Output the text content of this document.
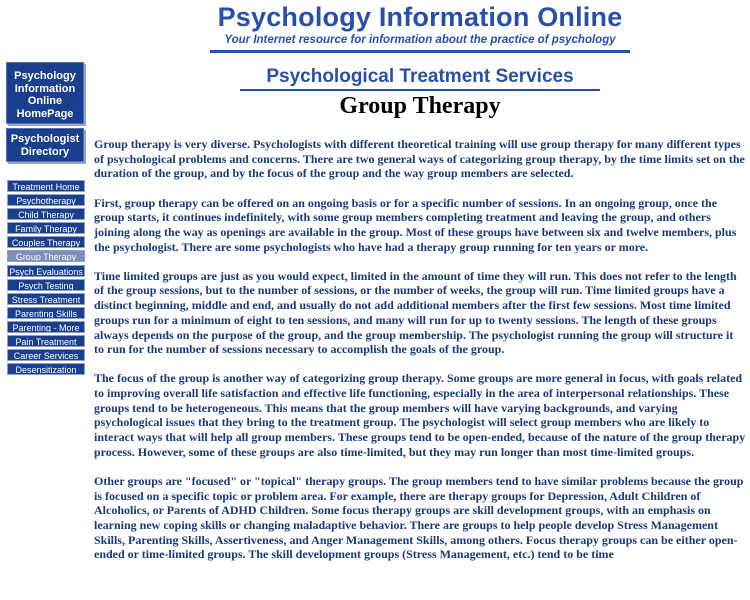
Psychology Information Online
Your Internet resource for information about the practice of psychology
Psychology
Information
Online
HomePage
Psychologist
Directory
Treatment Home
Psychotherapy
Child Therapy
Family Therapy
Couples Therapy
Group Therapy
Psych Evaluations
Psych Testing
Stress Treatment
Parenting Skills
Parenting - More
Pain Treatment
Career Services
Desensitization
Psychological Treatment Services
Group Therapy

Group therapy is very diverse. Psychologists with different theoretical training will use group therapy for many different types of psychological problems and concerns. There are two general ways of categorizing group therapy, by the time limits set on the duration of the group, and by the focus of the group and the way group members are selected.

First, group therapy can be offered on an ongoing basis or for a specific number of sessions. In an ongoing group, once the group starts, it continues indefinitely, with some group members completing treatment and leaving the group, and others joining along the way as openings are available in the group. Most of these groups have between six and twelve members, plus the psychologist. There are some psychologists who have had a therapy group running for ten years or more.

Time limited groups are just as you would expect, limited in the amount of time they will run. This does not refer to the length of the group sessions, but to the number of sessions, or the number of weeks, the group will run. Time limited groups have a distinct beginning, middle and end, and usually do not add additional members after the first few sessions. Most time limited groups run for a minimum of eight to ten sessions, and many will run for up to twenty sessions. The length of these groups always depends on the purpose of the group, and the group membership. The psychologist running the group will structure it to run for the number of sessions necessary to accomplish the goals of the group.

The focus of the group is another way of categorizing group therapy. Some groups are more general in focus, with goals related to improving overall life satisfaction and effective life functioning, especially in the area of interpersonal relationships. These groups tend to be heterogeneous. This means that the group members will have varying backgrounds, and varying psychological issues that they bring to the treatment group. The psychologist will select group members who are likely to interact ways that will help all group members. These groups tend to be open-ended, because of the nature of the group therapy process. However, some of these groups are also time-limited, but they may run longer than most time-limited groups.

Other groups are "focused" or "topical" therapy groups. The group members tend to have similar problems because the group is focused on a specific topic or problem area. For example, there are therapy groups for Depression, Adult Children of Alcoholics, or Parents of ADHD Children. Some focus therapy groups are skill development groups, with an emphasis on learning new coping skills or changing maladaptive behavior. There are groups to help people develop Stress Management Skills, Parenting Skills, Assertiveness, and Anger Management Skills, among others. Focus therapy groups can be either open-ended or time-limited groups. The skill development groups (Stress Management, etc.) tend to be time
